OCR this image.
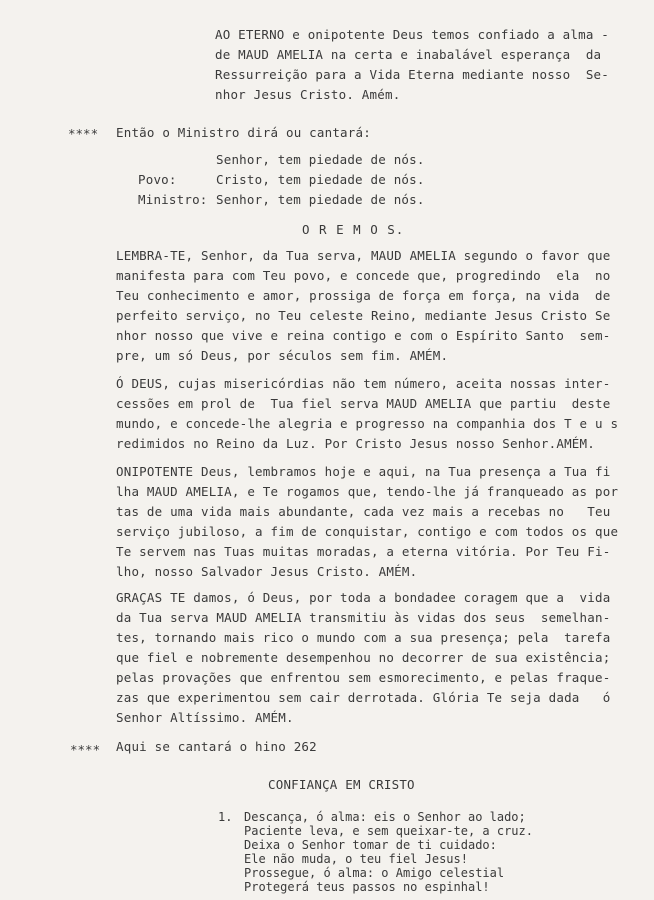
AO ETERNO e onipotente Deus temos confiado a alma -
de MAUD AMELIA na certa e inabalável esperança  da
Ressurreição para a Vida Eterna mediante nosso  Se-
nhor Jesus Cristo. Amém.
**** Então o Ministro dirá ou cantará:
Senhor, tem piedade de nós.
Povo:	Cristo, tem piedade de nós.
Ministro: Senhor, tem piedade de nós.
O R E M O S.
LEMBRA-TE, Senhor, da Tua serva, MAUD AMELIA segundo o favor que
manifesta para com Teu povo, e concede que, progredindo  ela  no
Teu conhecimento e amor, prossiga de força em força, na vida  de
perfeito serviço, no Teu celeste Reino, mediante Jesus Cristo Se
nhor nosso que vive e reina contigo e com o Espírito Santo  sem-
pre, um só Deus, por séculos sem fim. AMÉM.
Ó DEUS, cujas misericórdias não tem número, aceita nossas inter-
cessões em prol de  Tua fiel serva MAUD AMELIA que partiu  deste
mundo, e concede-lhe alegria e progresso na companhia dos T e u s
redimidos no Reino da Luz. Por Cristo Jesus nosso Senhor.AMÉM.
ONIPOTENTE Deus, lembramos hoje e aqui, na Tua presença a Tua fi
lha MAUD AMELIA, e Te rogamos que, tendo-lhe já franqueado as por
tas de uma vida mais abundante, cada vez mais a recebas no   Teu
serviço jubiloso, a fim de conquistar, contigo e com todos os que
Te servem nas Tuas muitas moradas, a eterna vitória. Por Teu Fi-
lho, nosso Salvador Jesus Cristo. AMÉM.
GRAÇAS TE damos, ó Deus, por toda a bondadee coragem que a  vida
da Tua serva MAUD AMELIA transmitiu às vidas dos seus  semelhan-
tes, tornando mais rico o mundo com a sua presença; pela  tarefa
que fiel e nobremente desempenhou no decorrer de sua existência;
pelas provações que enfrentou sem esmorecimento, e pelas fraque-
zas que experimentou sem cair derrotada. Glória Te seja dada   ó
Senhor Altíssimo. AMÉM.
**** Aqui se cantará o hino 262
CONFIANÇA EM CRISTO
1. Descança, ó alma: eis o Senhor ao lado;
Paciente leva, e sem queixar-te, a cruz.
Deixa o Senhor tomar de ti cuidado:
Ele não muda, o teu fiel Jesus!
Prossegue, ó alma: o Amigo celestial
Protegerá teus passos no espinhal!
